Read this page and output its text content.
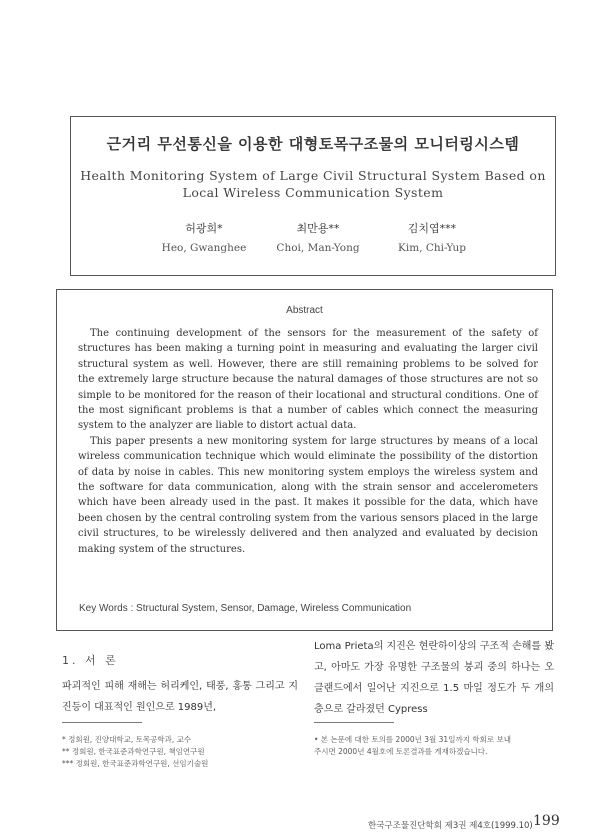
근거리 무선통신을 이용한 대형토목구조물의 모니터링시스템
Health Monitoring System of Large Civil Structural System Based on
Local Wireless Communication System
허광희*	최만용**	김치엽***
Heo, Gwanghee	Choi, Man-Yong	Kim, Chi-Yup
Abstract

The continuing development of the sensors for the measurement of the safety of structures has been making a turning point in measuring and evaluating the larger civil structural system as well. However, there are still remaining problems to be solved for the extremely large structure because the natural damages of those structures are not so simple to be monitored for the reason of their locational and structural conditions. One of the most significant problems is that a number of cables which connect the measuring system to the analyzer are liable to distort actual data.

This paper presents a new monitoring system for large structures by means of a local wireless communication technique which would eliminate the possibility of the distortion of data by noise in cables. This new monitoring system employs the wireless system and the software for data communication, along with the strain sensor and accelerometers which have been already used in the past. It makes it possible for the data, which have been chosen by the central controling system from the various sensors placed in the large civil structures, to be wirelessly delivered and then analyzed and evaluated by decision making system of the structures.

Key Words : Structural System, Sensor, Damage, Wireless Communication
1. 서 론
파괴적인 피해 재해는 허리케인, 태풍, 홍통 그리고 지진등이 대표적인 원인으로 1989년,
Loma Prieta의 지진은 현란하이상의 구조적 손해를 봤고, 아마도 가장 유명한 구조물의 붕괴 중의 하나는 오클랜드에서 일어난 지진으로 1.5 마일 정도가 두 개의 층으로 갈라졌던 Cypress
* 정회원, 진양대학교, 토목공학과, 교수
** 정회원, 한국표준과학연구원, 책임연구원
*** 정회원, 한국표준과학연구원, 선임기술원
• 본 논문에 대한 토의를 2000년 3월 31일까지 학회로 보내
주시면 2000년 4월호에 토론결과를 게재하겠습니다.
한국구조물진단학회 제3권 제4호(1999.10) 199
